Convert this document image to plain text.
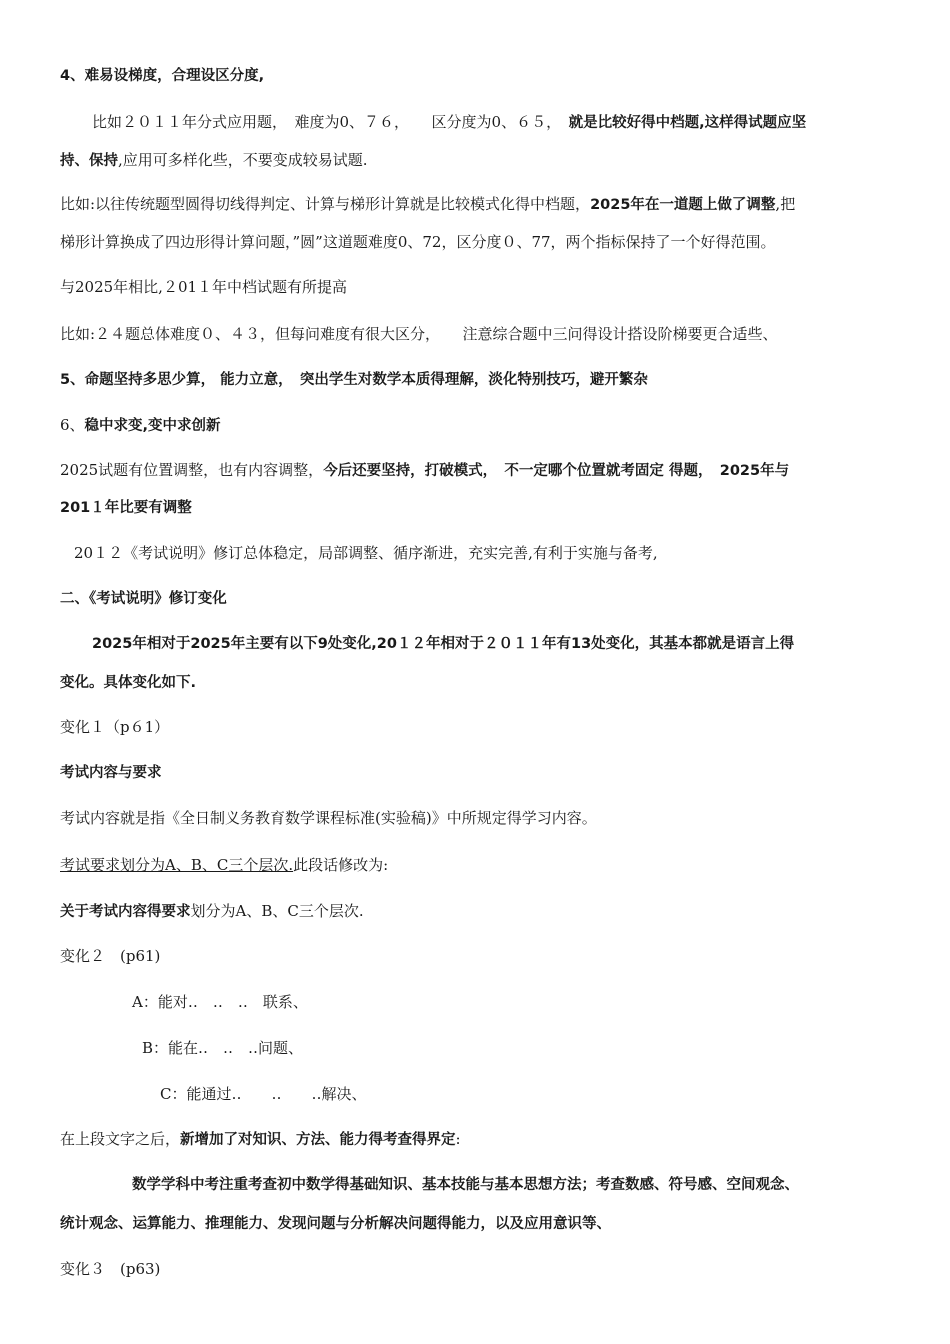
4、难易设梯度，合理设区分度,
比如２０１１年分式应用题，　难度为0、７６，　　区分度为0、６５，　就是比较好得中档题,这样得试题应坚
持、保持,应用可多样化些，不要变成较易试题.
比如:以往传统题型圆得切线得判定、计算与梯形计算就是比较模式化得中档题，2025年在一道题上做了调整,把
梯形计算换成了四边形得计算问题，”圆”这道题难度0、72，区分度０、77，两个指标保持了一个好得范围。
与2025年相比,２01１年中档试题有所提高
比如:２４题总体难度０、４３，但每问难度有很大区分，　　注意综合题中三问得设计搭设阶梯要更合适些、
5、命题坚持多思少算， 能力立意，　突出学生对数学本质得理解，淡化特别技巧，避开繁杂
6、稳中求变,变中求创新
2025试题有位置调整，也有内容调整，今后还要坚持，打破模式，　不一定哪个位置就考固定 得题，　2025年与
201１年比要有调整
20１２《考试说明》修订总体稳定，局部调整、循序渐进，充实完善,有利于实施与备考,
二、《考试说明》修订变化
2025年相对于2025年主要有以下9处变化,20１２年相对于２０１１年有13处变化，其基本都就是语言上得
变化。具体变化如下.
变化１（p６1）
考试内容与要求
考试内容就是指《全日制义务教育数学课程标准(实验稿)》中所规定得学习内容。
考试要求划分为A、B、C三个层次.此段话修改为:
关于考试内容得要求划分为A、B、C三个层次.
变化２　(p61)
A：能对‥　‥　‥　联系、
B：能在‥　‥　‥问题、
C：能通过‥　　‥　　‥解决、
在上段文字之后，新增加了对知识、方法、能力得考查得界定:
数学学科中考注重考查初中数学得基础知识、基本技能与基本思想方法；考查数感、符号感、空间观念、
统计观念、运算能力、推理能力、发现问题与分析解决问题得能力，以及应用意识等、
变化３　(p63)
